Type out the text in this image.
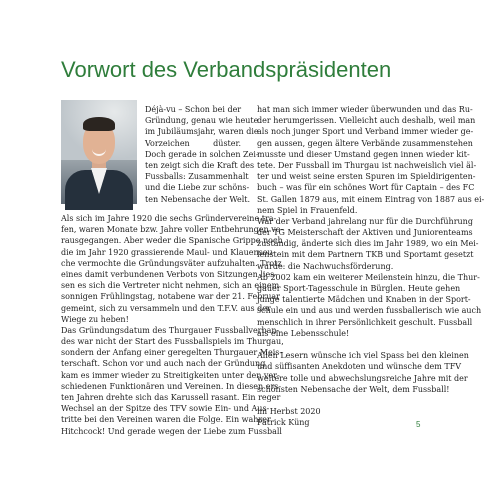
Vorwort des Verbandspräsidenten
Déjà-vu – Schon bei der
Gründung, genau wie heute
im Jubiläumsjahr, waren die
Vorzeichen düster.
Doch gerade in solchen Zei-
ten zeigt sich die Kraft des
Fussballs: Zusammenhalt
und die Liebe zur schöns-
ten Nebensache der Welt.
Als sich im Jahre 1920 die sechs Gründervereine tra-
fen, waren Monate bzw. Jahre voller Entbehrungen vo-
rausgegangen. Aber weder die Spanische Grippe noch
die im Jahr 1920 grassierende Maul- und Klauenseu-
che vermochte die Gründungsväter aufzuhalten. Trotz
eines damit verbundenen Verbots von Sitzungen lies-
sen es sich die Vertreter nicht nehmen, sich an einem
sonnigen Frühlingstag, notabene war der 21. Februar
gemeint, sich zu versammeln und den T.F.V. aus der
Wiege zu heben!
Das Gründungsdatum des Thurgauer Fussballverban-
des war nicht der Start des Fussballspiels im Thurgau,
sondern der Anfang einer geregelten Thurgauer Meis-
terschaft. Schon vor und auch nach der Gründung
kam es immer wieder zu Streitigkeiten unter den ver-
schiedenen Funktionären und Vereinen. In diesen ers-
ten Jahren drehte sich das Karussell rasant. Ein reger
Wechsel an der Spitze des TFV sowie Ein- und Aus-
tritte bei den Vereinen waren die Folge. Ein wahrer
Hitchcock! Und gerade wegen der Liebe zum Fussball
hat man sich immer wieder überwunden und das Ru-
der herumgerissen. Vielleicht auch deshalb, weil man
als noch junger Sport und Verband immer wieder ge-
gen aussen, gegen ältere Verbände zusammenstehen
musste und dieser Umstand gegen innen wieder kit-
tete. Der Fussball im Thurgau ist nachweislich viel äl-
ter und weist seine ersten Spuren im Spieldirigenten-
buch – was für ein schönes Wort für Captain – des FC
St. Gallen 1879 aus, mit einem Eintrag von 1887 aus ei-
nem Spiel in Frauenfeld.
War der Verband jahrelang nur für die Durchführung
der TG Meisterschaft der Aktiven und Juniorenteams
zuständig, änderte sich dies im Jahr 1989, wo ein Mei-
lenstein mit dem Partnern TKB und Sportamt gesetzt
wurde: die Nachwuchsförderung.
Ab 2002 kam ein weiterer Meilenstein hinzu, die Thur-
gauer Sport-Tagesschule in Bürglen. Heute gehen
junge talentierte Mädchen und Knaben in der Sport-
schule ein und aus und werden fussballerisch wie auch
menschlich in ihrer Persönlichkeit geschult. Fussball
als eine Lebensschule!
Allen Lesern wünsche ich viel Spass bei den kleinen
und süffisanten Anekdoten und wünsche dem TFV
weitere tolle und abwechslungsreiche Jahre mit der
schönsten Nebensache der Welt, dem Fussball!
im Herbst 2020
Patrick Küng	5
